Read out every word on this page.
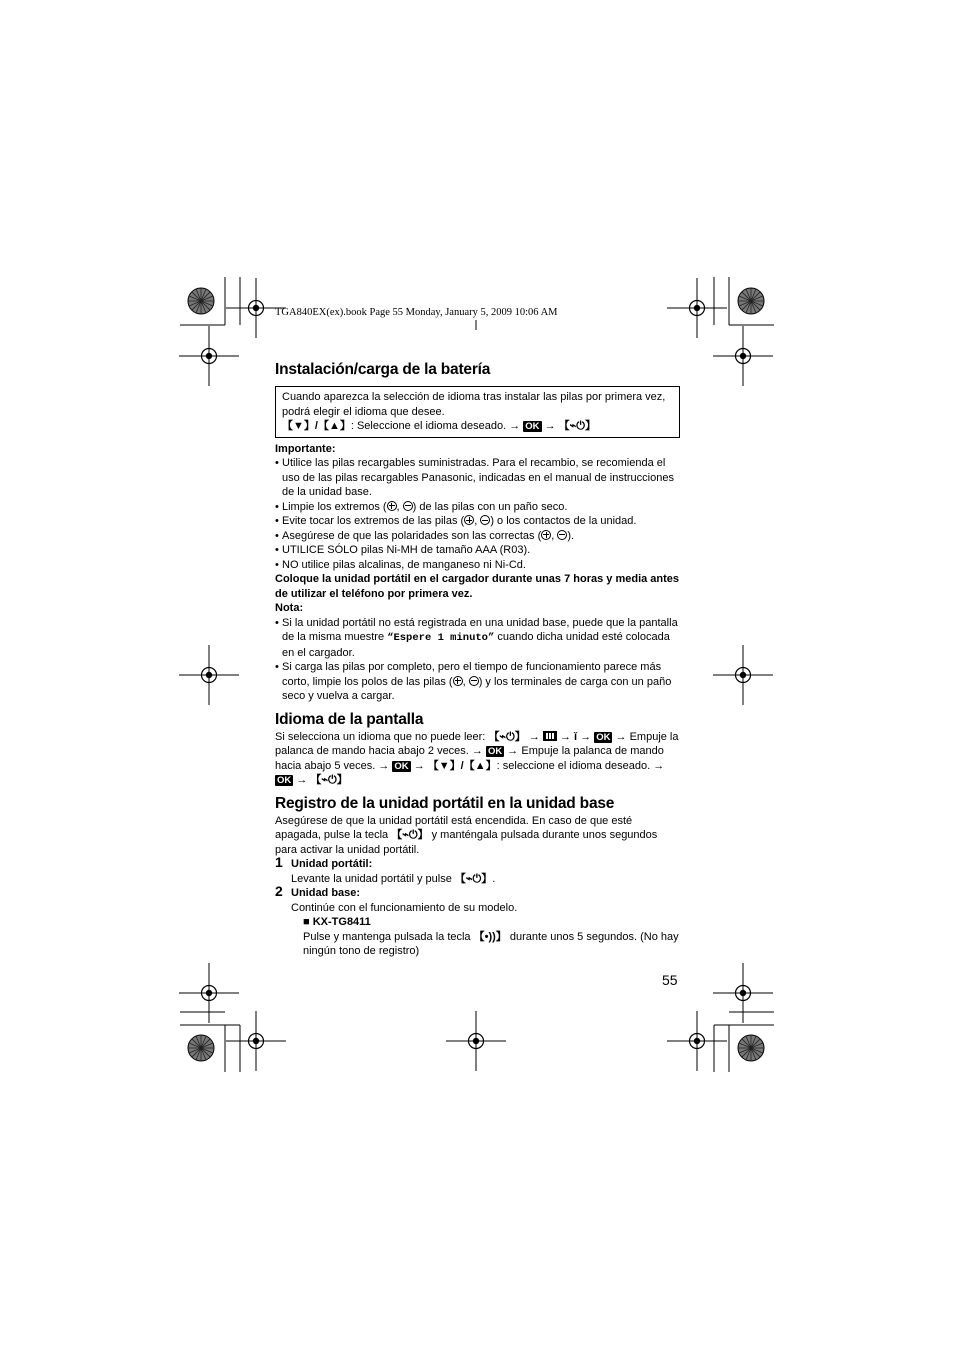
TGA840EX(ex).book Page 55 Monday, January 5, 2009 10:06 AM
Instalación/carga de la batería
Cuando aparezca la selección de idioma tras instalar las pilas por primera vez, podrá elegir el idioma que desee.
【▼】/【▲】: Seleccione el idioma deseado. → OK → 【⌁⏻】
Importante:
• Utilice las pilas recargables suministradas. Para el recambio, se recomienda el uso de las pilas recargables Panasonic, indicadas en el manual de instrucciones de la unidad base.
• Limpie los extremos ( , ) de las pilas con un paño seco.
• Evite tocar los extremos de las pilas ( , ) o los contactos de la unidad.
• Asegúrese de que las polaridades son las correctas ( , ).
• UTILICE SÓLO pilas Ni-MH de tamaño AAA (R03).
• NO utilice pilas alcalinas, de manganeso ni Ni-Cd.
Coloque la unidad portátil en el cargador durante unas 7 horas y media antes de utilizar el teléfono por primera vez.
Nota:
• Si la unidad portátil no está registrada en una unidad base, puede que la pantalla de la misma muestre “Espere 1 minuto” cuando dicha unidad esté colocada en el cargador.
• Si carga las pilas por completo, pero el tiempo de funcionamiento parece más corto, limpie los polos de las pilas ( , ) y los terminales de carga con un paño seco y vuelva a cargar.
Idioma de la pantalla
Si selecciona un idioma que no puede leer: 【⌁⏻】 → → ǐ → OK → Empuje la palanca de mando hacia abajo 2 veces. → OK → Empuje la palanca de mando hacia abajo 5 veces. → OK → 【▼】/【▲】: seleccione el idioma deseado. → OK → 【⌁⏻】
Registro de la unidad portátil en la unidad base
Asegúrese de que la unidad portátil está encendida. En caso de que esté apagada, pulse la tecla 【⌁⏻】 y manténgala pulsada durante unos segundos para activar la unidad portátil.
1 Unidad portátil:
Levante la unidad portátil y pulse 【⌁⏻】.
2 Unidad base:
Continúe con el funcionamiento de su modelo.
■ KX-TG8411
Pulse y mantenga pulsada la tecla 【•))】 durante unos 5 segundos. (No hay ningún tono de registro)
55
